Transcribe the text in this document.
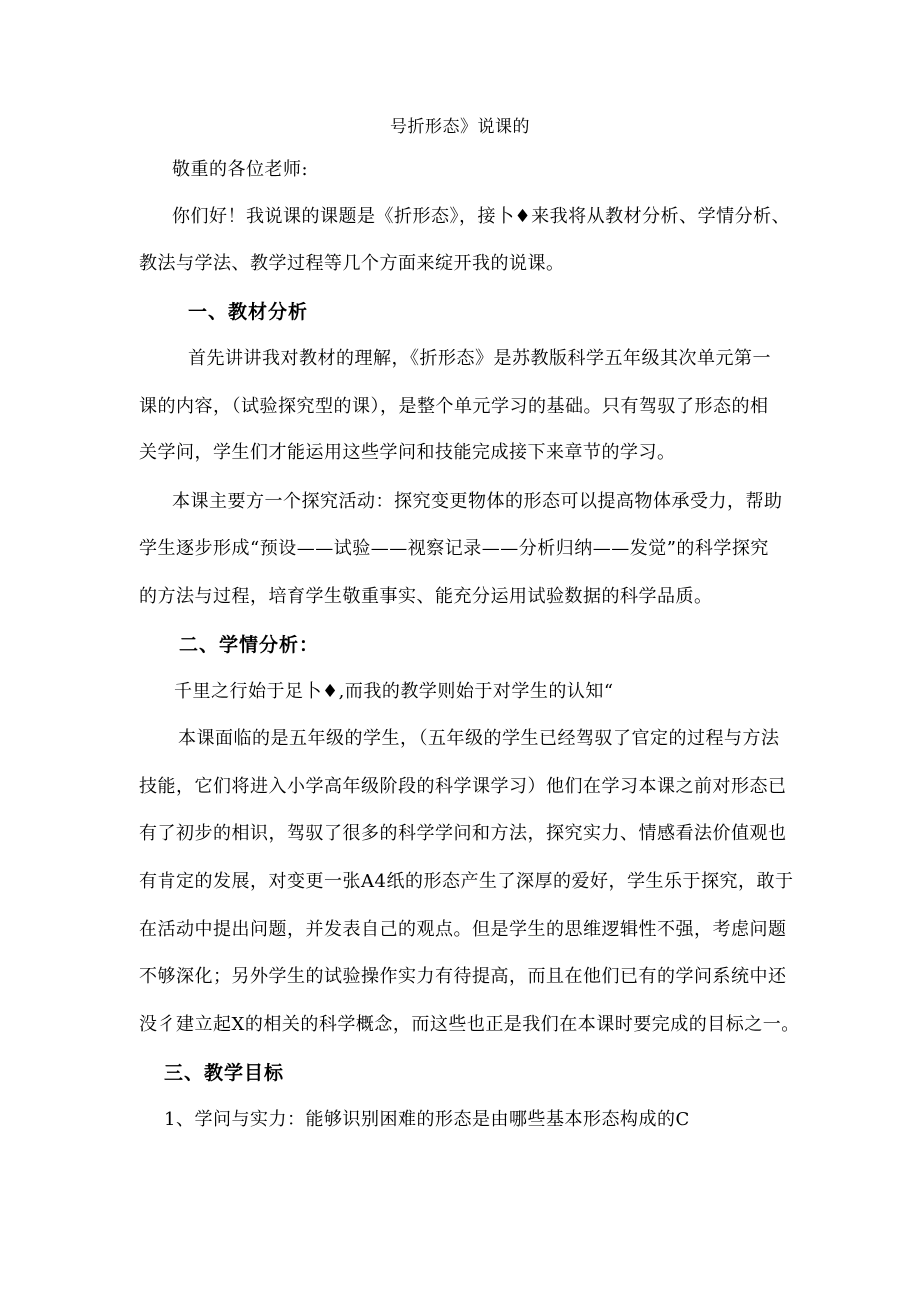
号折形态》说课的
敬重的各位老师:
你们好！我说课的课题是《折形态》，接卜♦来我将从教材分析、学情分析、
教法与学法、教学过程等几个方面来绽开我的说课。
一、教材分析
首先讲讲我对教材的理解，《折形态》是苏教版科学五年级其次单元第一
课的内容，（试验探究型的课），是整个单元学习的基础。只有驾驭了形态的相
关学问，学生们才能运用这些学问和技能完成接下来章节的学习。
本课主要方一个探究活动：探究变更物体的形态可以提高物体承受力，帮助
学生逐步形成“预设——试验——视察记录——分析归纳——发觉”的科学探究
的方法与过程，培育学生敬重事实、能充分运用试验数据的科学品质。
二、学情分析：
千里之行始于足卜♦,而我的教学则始于对学生的认知“
本课面临的是五年级的学生，（五年级的学生已经驾驭了官定的过程与方法
技能，它们将进入小学高年级阶段的科学课学习）他们在学习本课之前对形态已
有了初步的相识，驾驭了很多的科学学问和方法，探究实力、情感看法价值观也
有肯定的发展，对变更一张A4纸的形态产生了深厚的爱好，学生乐于探究，敢于
在活动中提出问题，并发表自己的观点。但是学生的思维逻辑性不强，考虑问题
不够深化；另外学生的试验操作实力有待提高，而且在他们已有的学问系统中还
没彳建立起X的相关的科学概念，而这些也正是我们在本课时要完成的目标之一。
三、教学目标
1、学问与实力：能够识别困难的形态是由哪些基本形态构成的C
